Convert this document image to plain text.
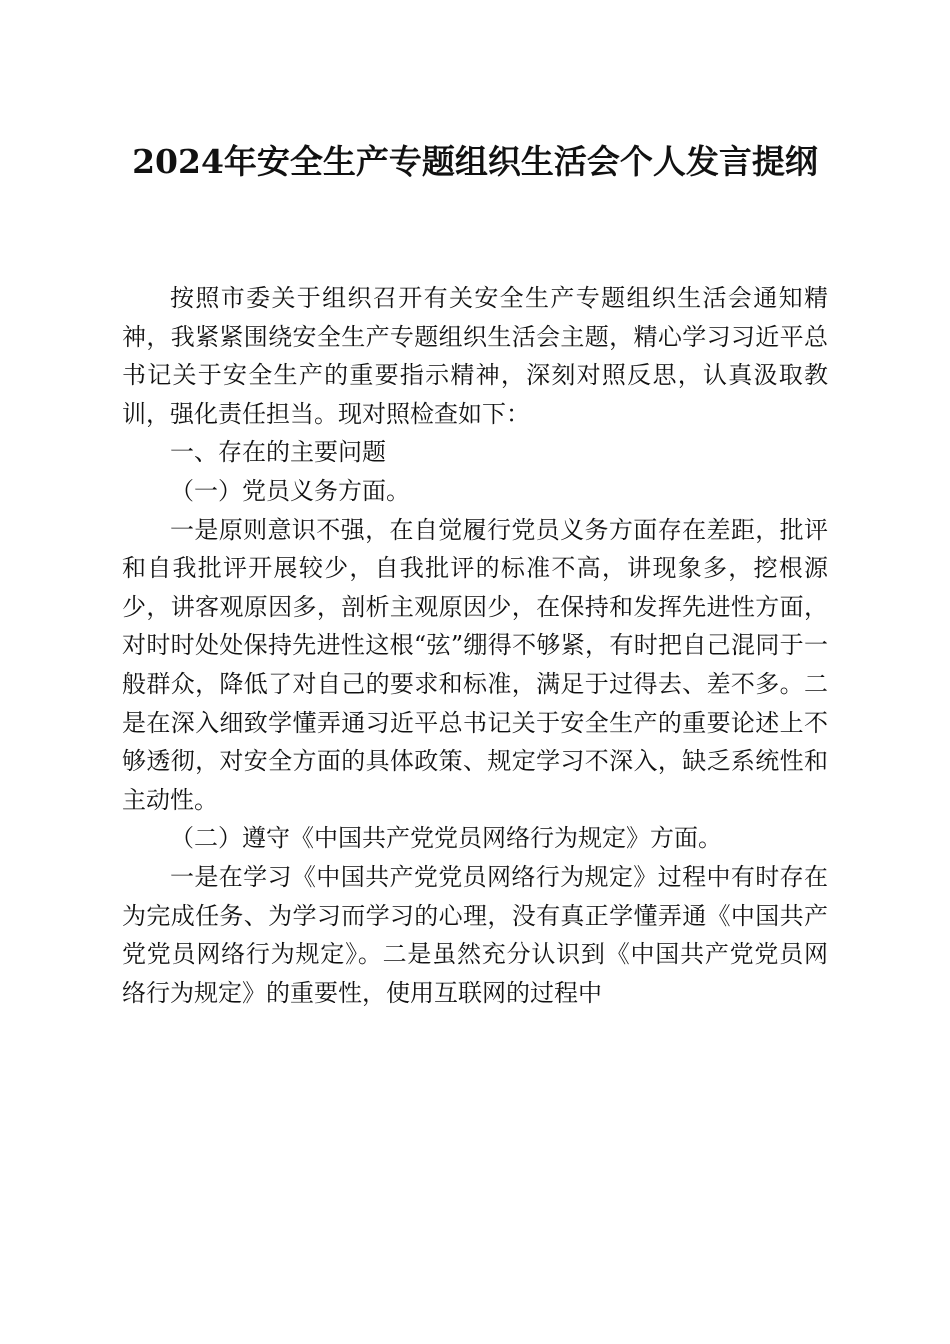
2024年安全生产专题组织生活会个人发言提纲

按照市委关于组织召开有关安全生产专题组织生活会通知精神，我紧紧围绕安全生产专题组织生活会主题，精心学习习近平总书记关于安全生产的重要指示精神，深刻对照反思，认真汲取教训，强化责任担当。现对照检查如下：

一、存在的主要问题

（一）党员义务方面。

一是原则意识不强，在自觉履行党员义务方面存在差距，批评和自我批评开展较少，自我批评的标准不高，讲现象多，挖根源少，讲客观原因多，剖析主观原因少，在保持和发挥先进性方面，对时时处处保持先进性这根“弦”绷得不够紧，有时把自己混同于一般群众，降低了对自己的要求和标准，满足于过得去、差不多。二是在深入细致学懂弄通习近平总书记关于安全生产的重要论述上不够透彻，对安全方面的具体政策、规定学习不深入，缺乏系统性和主动性。

（二）遵守《中国共产党党员网络行为规定》方面。

一是在学习《中国共产党党员网络行为规定》过程中有时存在为完成任务、为学习而学习的心理，没有真正学懂弄通《中国共产党党员网络行为规定》。二是虽然充分认识到《中国共产党党员网络行为规定》的重要性，使用互联网的过程中
